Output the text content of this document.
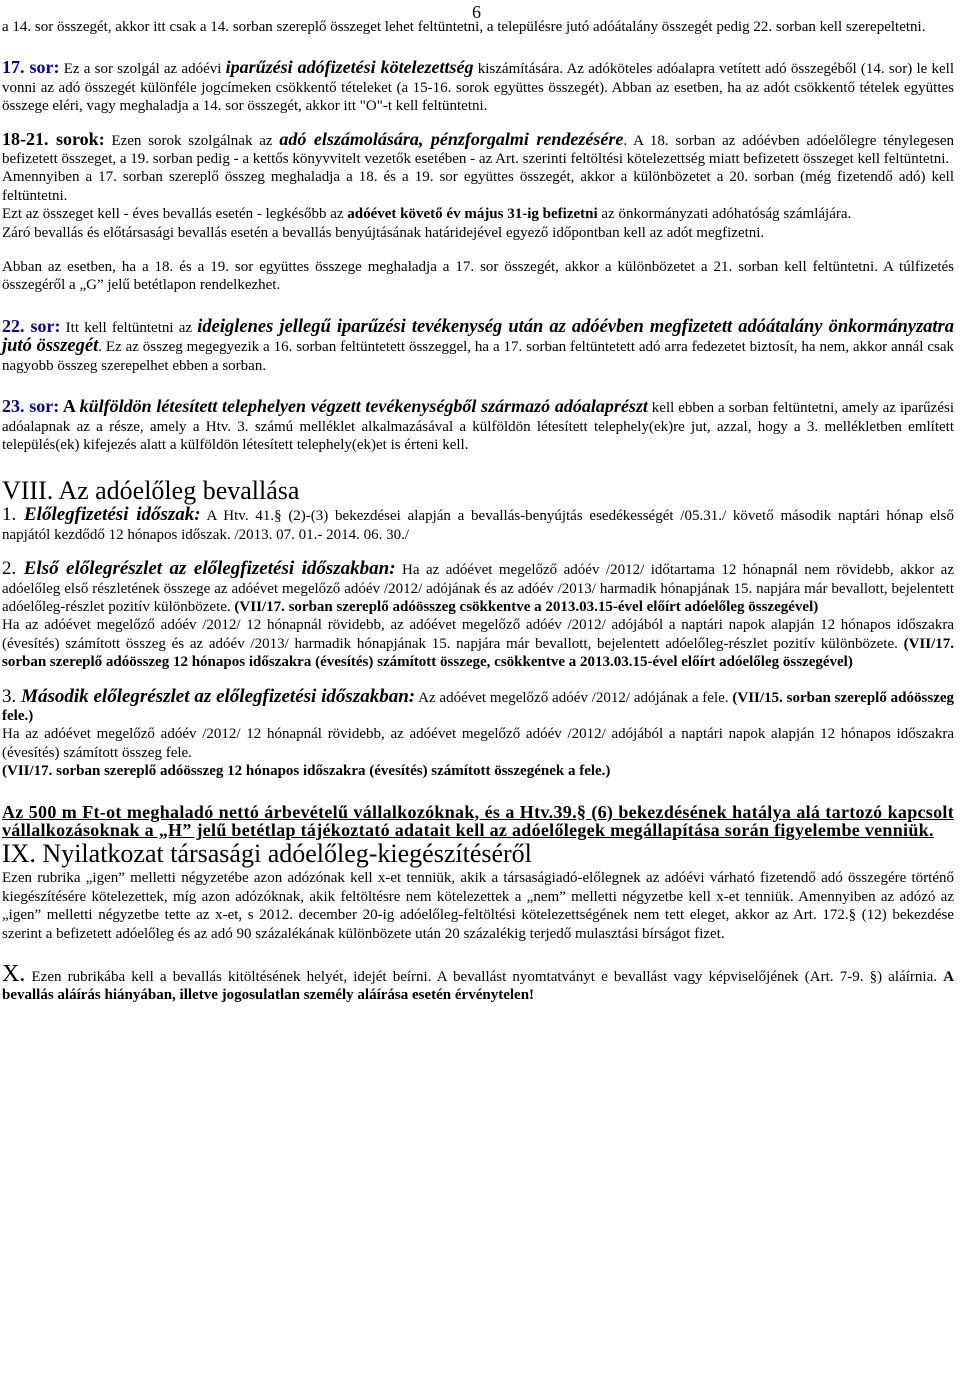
6

a 14. sor összegét, akkor itt csak a 14. sorban szereplő összeget lehet feltüntetni, a településre jutó adóátalány összegét pedig 22. sorban kell szerepeltetni.

17. sor: Ez a sor szolgál az adóévi iparűzési adófizetési kötelezettség kiszámítására. Az adóköteles adóalapra vetített adó összegéből (14. sor) le kell vonni az adó összegét különféle jogcímeken csökkentő tételeket (a 15-16. sorok együttes összegét). Abban az esetben, ha az adót csökkentő tételek együttes összege eléri, vagy meghaladja a 14. sor összegét, akkor itt "O"-t kell feltüntetni.

18-21. sorok: Ezen sorok szolgálnak az adó elszámolására, pénzforgalmi rendezésére. A 18. sorban az adóévben adóelőlegre ténylegesen befizetett összeget, a 19. sorban pedig - a kettős könyvvitelt vezetők esetében - az Art. szerinti feltöltési kötelezettség miatt befizetett összeget kell feltüntetni.

Amennyiben a 17. sorban szereplő összeg meghaladja a 18. és a 19. sor együttes összegét, akkor a különbözetet a 20. sorban (még fizetendő adó) kell feltüntetni.

Ezt az összeget kell - éves bevallás esetén - legkésőbb az adóévet követő év május 31-ig befizetni az önkormányzati adóhatóság számlájára.

Záró bevallás és előtársasági bevallás esetén a bevallás benyújtásának határidejével egyező időpontban kell az adót megfizetni.

Abban az esetben, ha a 18. és a 19. sor együttes összege meghaladja a 17. sor összegét, akkor a különbözetet a 21. sorban kell feltüntetni. A túlfizetés összegéről a „G” jelű betétlapon rendelkezhet.

22. sor: Itt kell feltüntetni az ideiglenes jellegű iparűzési tevékenység után az adóévben megfizetett adóátalány önkormányzatra jutó összegét. Ez az összeg megegyezik a 16. sorban feltüntetett összeggel, ha a 17. sorban feltüntetett adó arra fedezetet biztosít, ha nem, akkor annál csak nagyobb összeg szerepelhet ebben a sorban.

23. sor: A külföldön létesített telephelyen végzett tevékenységből származó adóalaprészt kell ebben a sorban feltüntetni, amely az iparűzési adóalapnak az a része, amely a Htv. 3. számú melléklet alkalmazásával a külföldön létesített telephely(ek)re jut, azzal, hogy a 3. mellékletben említett település(ek) kifejezés alatt a külföldön létesített telephely(ek)et is érteni kell.

VIII. Az adóelőleg bevallása

1. Előlegfizetési időszak: A Htv. 41.§ (2)-(3) bekezdései alapján a bevallás-benyújtás esedékességét /05.31./ követő második naptári hónap első napjától kezdődő 12 hónapos időszak. /2013. 07. 01.- 2014. 06. 30./

2. Első előlegrészlet az előlegfizetési időszakban: Ha az adóévet megelőző adóév /2012/ időtartama 12 hónapnál nem rövidebb, akkor az adóelőleg első részletének összege az adóévet megelőző adóév /2012/ adójának és az adóév /2013/ harmadik hónapjának 15. napjára már bevallott, bejelentett adóelőleg-részlet pozitív különbözete. (VII/17. sorban szereplő adóösszeg csökkentve a 2013.03.15-ével előírt adóelőleg összegével)

Ha az adóévet megelőző adóév /2012/ 12 hónapnál rövidebb, az adóévet megelőző adóév /2012/ adójából a naptári napok alapján 12 hónapos időszakra (évesítés) számított összeg és az adóév /2013/ harmadik hónapjának 15. napjára már bevallott, bejelentett adóelőleg-részlet pozitív különbözete. (VII/17. sorban szereplő adóösszeg 12 hónapos időszakra (évesítés) számított összege, csökkentve a 2013.03.15-ével előírt adóelőleg összegével)

3. Második előlegrészlet az előlegfizetési időszakban: Az adóévet megelőző adóév /2012/ adójának a fele. (VII/15. sorban szereplő adóösszeg fele.)

Ha az adóévet megelőző adóév /2012/ 12 hónapnál rövidebb, az adóévet megelőző adóév /2012/ adójából a naptári napok alapján 12 hónapos időszakra (évesítés) számított összeg fele.
(VII/17. sorban szereplő adóösszeg 12 hónapos időszakra (évesítés) számított összegének a fele.)

Az 500 m Ft-ot meghaladó nettó árbevételű vállalkozóknak, és a Htv.39.§ (6) bekezdésének hatálya alá tartozó kapcsolt vállalkozásoknak a „H” jelű betétlap tájékoztató adatait kell az adóelőlegek megállapítása során figyelembe venniük.

IX. Nyilatkozat társasági adóelőleg-kiegészítéséről

Ezen rubrika „igen” melletti négyzetébe azon adózónak kell x-et tenniük, akik a társaságiadó-előlegnek az adóévi várható fizetendő adó összegére történő kiegészítésére kötelezettek, míg azon adózóknak, akik feltöltésre nem kötelezettek a „nem” melletti négyzetbe kell x-et tenniük. Amennyiben az adózó az „igen” melletti négyzetbe tette az x-et, s 2012. december 20-ig adóelőleg-feltöltési kötelezettségének nem tett eleget, akkor az Art. 172.§ (12) bekezdése szerint a befizetett adóelőleg és az adó 90 százalékának különbözete után 20 százalékig terjedő mulasztási bírságot fizet.

X. Ezen rubrikába kell a bevallás kitöltésének helyét, idejét beírni. A bevallást nyomtatványt e bevallást vagy képviselőjének (Art. 7-9. §) aláírnia. A bevallás aláírás hiányában, illetve jogosulatlan személy aláírása esetén érvénytelen!
